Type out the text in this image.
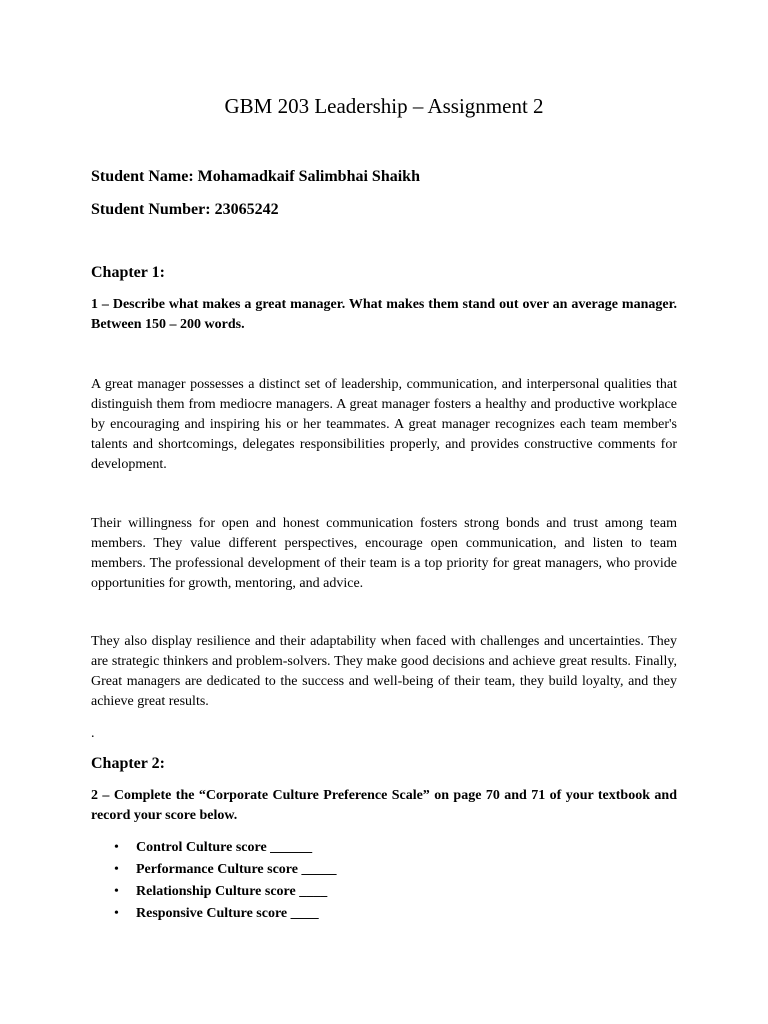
GBM 203 Leadership – Assignment 2
Student Name: Mohamadkaif Salimbhai Shaikh
Student Number: 23065242
Chapter 1:
1 – Describe what makes a great manager. What makes them stand out over an average manager. Between 150 – 200 words.
A great manager possesses a distinct set of leadership, communication, and interpersonal qualities that distinguish them from mediocre managers. A great manager fosters a healthy and productive workplace by encouraging and inspiring his or her teammates. A great manager recognizes each team member's talents and shortcomings, delegates responsibilities properly, and provides constructive comments for development.
Their willingness for open and honest communication fosters strong bonds and trust among team members. They value different perspectives, encourage open communication, and listen to team members. The professional development of their team is a top priority for great managers, who provide opportunities for growth, mentoring, and advice.
They also display resilience and their adaptability when faced with challenges and uncertainties. They are strategic thinkers and problem-solvers. They make good decisions and achieve great results. Finally, Great managers are dedicated to the success and well-being of their team, they build loyalty, and they achieve great results.
.
Chapter 2:
2 – Complete the “Corporate Culture Preference Scale” on page 70 and 71 of your textbook and record your score below.
• Control Culture score ______
• Performance Culture score _____
• Relationship Culture score ____
• Responsive Culture score ____
